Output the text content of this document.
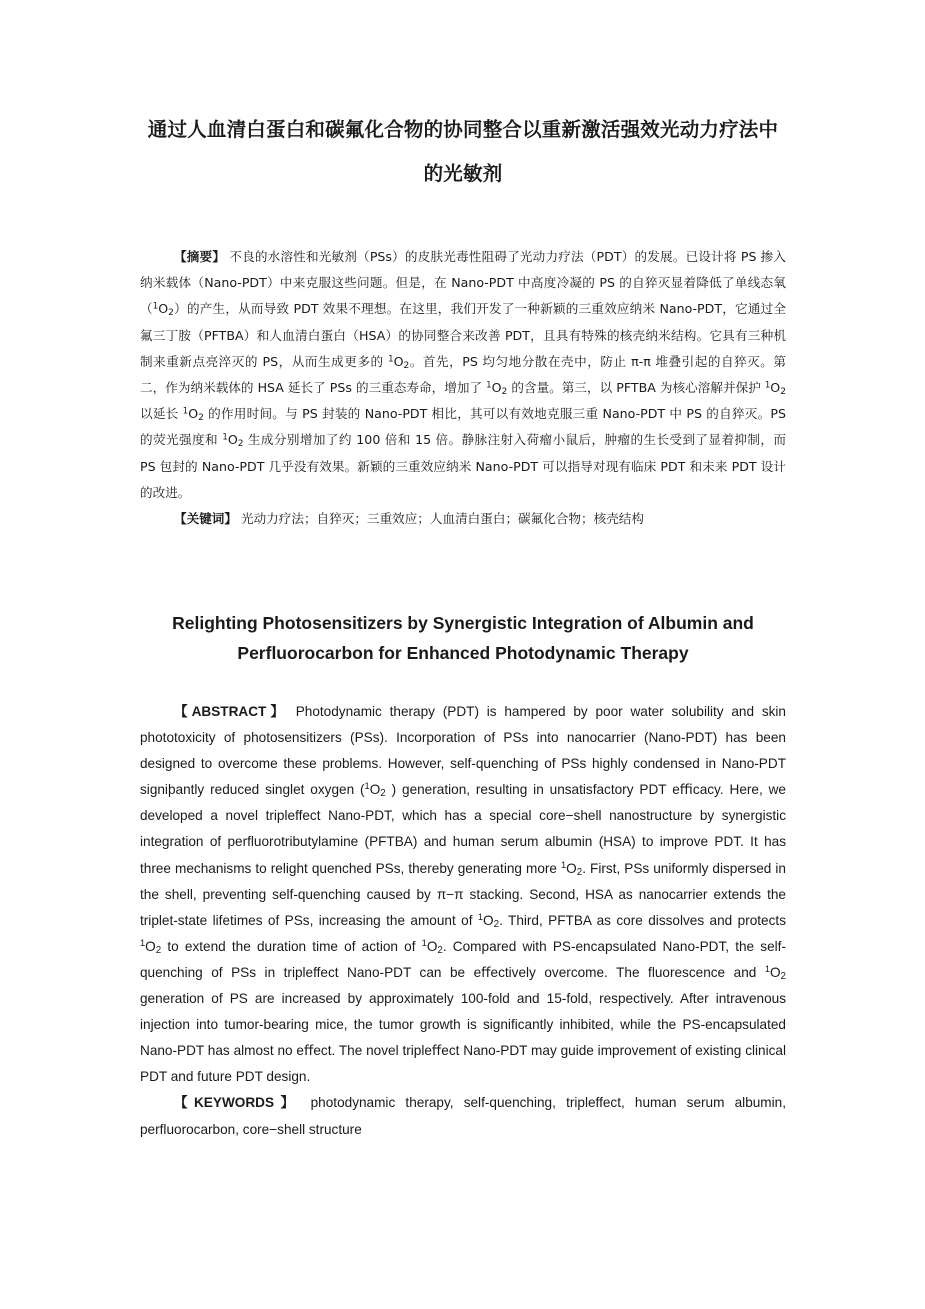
通过人血清白蛋白和碳氟化合物的协同整合以重新激活强效光动力疗法中的光敏剂

【摘要】 不良的水溶性和光敏剂（PSs）的皮肤光毒性阻碍了光动力疗法（PDT）的发展。已设计将 PS 掺入纳米载体（Nano-PDT）中来克服这些问题。但是，在 Nano-PDT 中高度冷凝的 PS 的自猝灭显着降低了单线态氧$(^1O_2)$的产生，从而导致 PDT 效果不理想。在这里，我们开发了一种新颖的三重效应纳米 Nano-PDT，它通过全氟三丁胺（PFTBA）和人血清白蛋白（HSA）的协同整合来改善 PDT，且具有特殊的核壳纳米结构。它具有三种机制来重新点亮淬灭的 PS，从而生成更多的 $^1O_2$。首先，PS 均匀地分散在壳中，防止 π-π 堆叠引起的自猝灭。第二，作为纳米载体的 HSA 延长了 PSs 的三重态寿命，增加了 $^1O_2$ 的含量。第三，以 PFTBA 为核心溶解并保护 $^1O_2$ 以延长 $^1O_2$ 的作用时间。与 PS 封装的 Nano-PDT 相比，其可以有效地克服三重 Nano-PDT 中 PS 的自猝灭。PS 的荧光强度和 $^1O_2$ 生成分别增加了约 100 倍和 15 倍。静脉注射入荷瘤小鼠后，肿瘤的生长受到了显着抑制，而 PS 包封的 Nano-PDT 几乎没有效果。新颖的三重效应纳米 Nano-PDT 可以指导对现有临床 PDT 和未来 PDT 设计的改进。

【关键词】 光动力疗法；自猝灭；三重效应；人血清白蛋白；碳氟化合物；核壳结构

Relighting Photosensitizers by Synergistic Integration of Albumin and
Perfluorocarbon for Enhanced Photodynamic Therapy

【ABSTRACT】 Photodynamic therapy (PDT) is hampered by poor water solubility and skin phototoxicity of photosensitizers (PSs). Incorporation of PSs into nanocarrier (Nano-PDT) has been designed to overcome these problems. However, self-quenching of PSs highly condensed in Nano-PDT signiþantly reduced singlet oxygen ($^1O_2$ ) generation, resulting in unsatisfactory PDT eﬃcacy. Here, we developed a novel tripleffect Nano-PDT, which has a special core−shell nanostructure by synergistic integration of perfluorotributylamine (PFTBA) and human serum albumin (HSA) to improve PDT. It has three mechanisms to relight quenched PSs, thereby generating more $^1O_2$. First, PSs uniformly dispersed in the shell, preventing self-quenching caused by π−π stacking. Second, HSA as nanocarrier extends the triplet-state lifetimes of PSs, increasing the amount of $^1O_2$. Third, PFTBA as core dissolves and protects $^1O_2$ to extend the duration time of action of $^1O_2$. Compared with PS-encapsulated Nano-PDT, the self-quenching of PSs in tripleffect Nano-PDT can be eﬀectively overcome. The fluorescence and $^1O_2$ generation of PS are increased by approximately 100-fold and 15-fold, respectively. After intravenous injection into tumor-bearing mice, the tumor growth is significantly inhibited, while the PS-encapsulated Nano-PDT has almost no eﬀect. The novel tripleﬀect Nano-PDT may guide improvement of existing clinical PDT and future PDT design.

【KEYWORDS】 photodynamic therapy, self-quenching, tripleffect, human serum albumin, perfluorocarbon, core−shell structure
